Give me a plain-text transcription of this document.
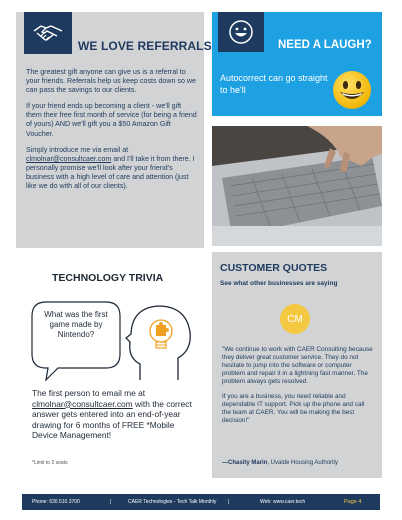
WE LOVE REFERRALS

The greatest gift anyone can give us is a referral to your friends. Referrals help us keep costs down so we can pass the savings to our clients.

If your friend ends up becoming a client - we'll gift them their free first month of service (for being a friend of yours) AND we'll gift you a $50 Amazon Gift Voucher.

Simply introduce me via email at clmolnar@consultcaer.com and I'll take it from there. I personally promise we'll look after your friend's business with a high level of care and attention (just like we do with all of our clients).

NEED A LAUGH?
Autocorrect can go straight to he'll
TECHNOLOGY TRIVIA
What was the first game made by Nintendo?
The first person to email me at clmolnar@consultcaer.com with the correct answer gets entered into an end-of-year drawing for 6 months of FREE *Mobile Device Management!
*Limit to 2 seats
CUSTOMER QUOTES
See what other businesses are saying
CM

"We continue to work with CAER Consulting because they deliver great customer service. They do not hesitate to jump into the software or computer problem and repair it in a lightning fast manner. The problem always gets resolved.

If you are a business, you need reliable and dependable IT support. Pick up the phone and call the team at CAER. You will be making the best decision!"

—Chasity Marin, Uvalde Housing Authority
Phone: 630.510.3700	|	CAER Technologies - Tech Talk Monthly |	Web: www.caer.tech	Page 4
